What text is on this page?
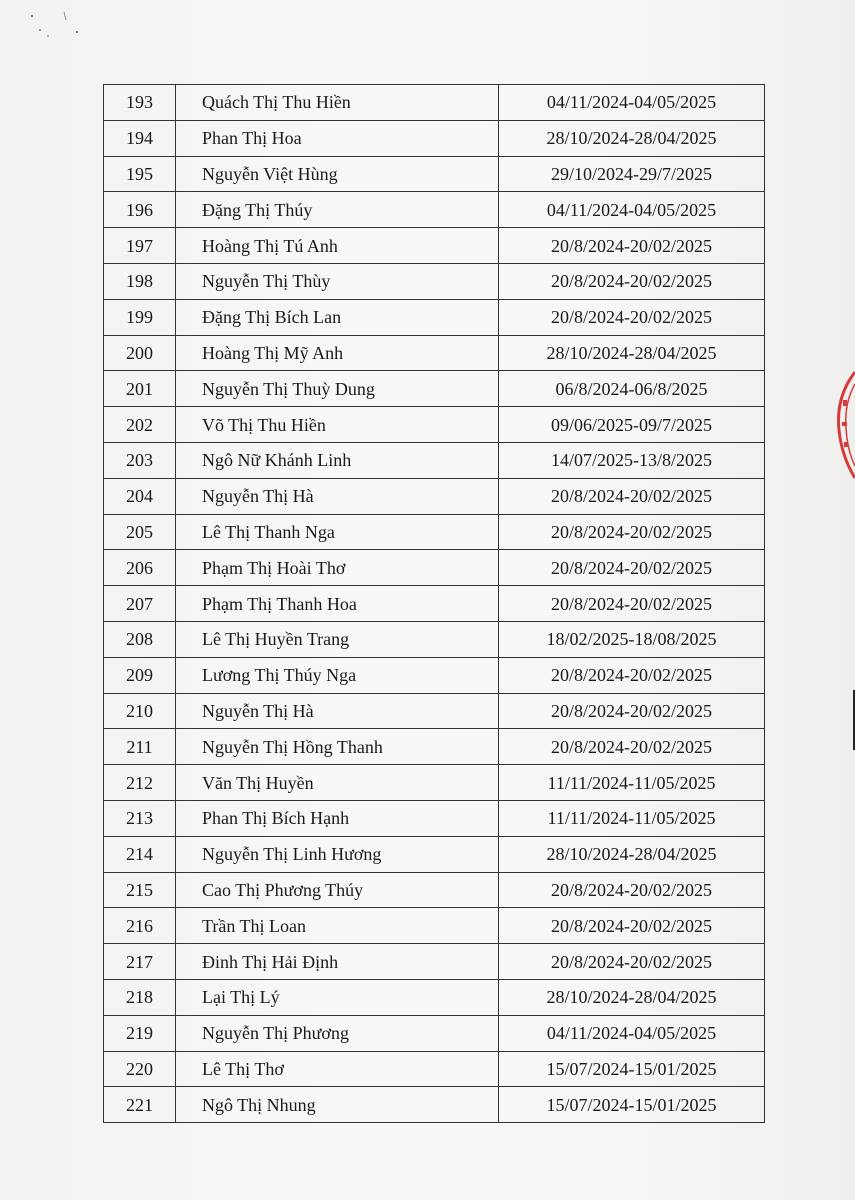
193	Quách Thị Thu Hiền	04/11/2024-04/05/2025
194	Phan Thị Hoa	28/10/2024-28/04/2025
195	Nguyễn Việt Hùng	29/10/2024-29/7/2025
196	Đặng Thị Thúy	04/11/2024-04/05/2025
197	Hoàng Thị Tú Anh	20/8/2024-20/02/2025
198	Nguyễn Thị Thùy	20/8/2024-20/02/2025
199	Đặng Thị Bích Lan	20/8/2024-20/02/2025
200	Hoàng Thị Mỹ Anh	28/10/2024-28/04/2025
201	Nguyễn Thị Thuỳ Dung	06/8/2024-06/8/2025
202	Võ Thị Thu Hiền	09/06/2025-09/7/2025
203	Ngô Nữ Khánh Linh	14/07/2025-13/8/2025
204	Nguyễn Thị Hà	20/8/2024-20/02/2025
205	Lê Thị Thanh Nga	20/8/2024-20/02/2025
206	Phạm Thị Hoài Thơ	20/8/2024-20/02/2025
207	Phạm Thị Thanh Hoa	20/8/2024-20/02/2025
208	Lê Thị Huyền Trang	18/02/2025-18/08/2025
209	Lương Thị Thúy Nga	20/8/2024-20/02/2025
210	Nguyễn Thị Hà	20/8/2024-20/02/2025
211	Nguyễn Thị Hồng Thanh	20/8/2024-20/02/2025
212	Văn Thị Huyền	11/11/2024-11/05/2025
213	Phan Thị Bích Hạnh	11/11/2024-11/05/2025
214	Nguyễn Thị Linh Hương	28/10/2024-28/04/2025
215	Cao Thị Phương Thúy	20/8/2024-20/02/2025
216	Trần Thị Loan	20/8/2024-20/02/2025
217	Đinh Thị Hải Định	20/8/2024-20/02/2025
218	Lại Thị Lý	28/10/2024-28/04/2025
219	Nguyễn Thị Phương	04/11/2024-04/05/2025
220	Lê Thị Thơ	15/07/2024-15/01/2025
221	Ngô Thị Nhung	15/07/2024-15/01/2025
